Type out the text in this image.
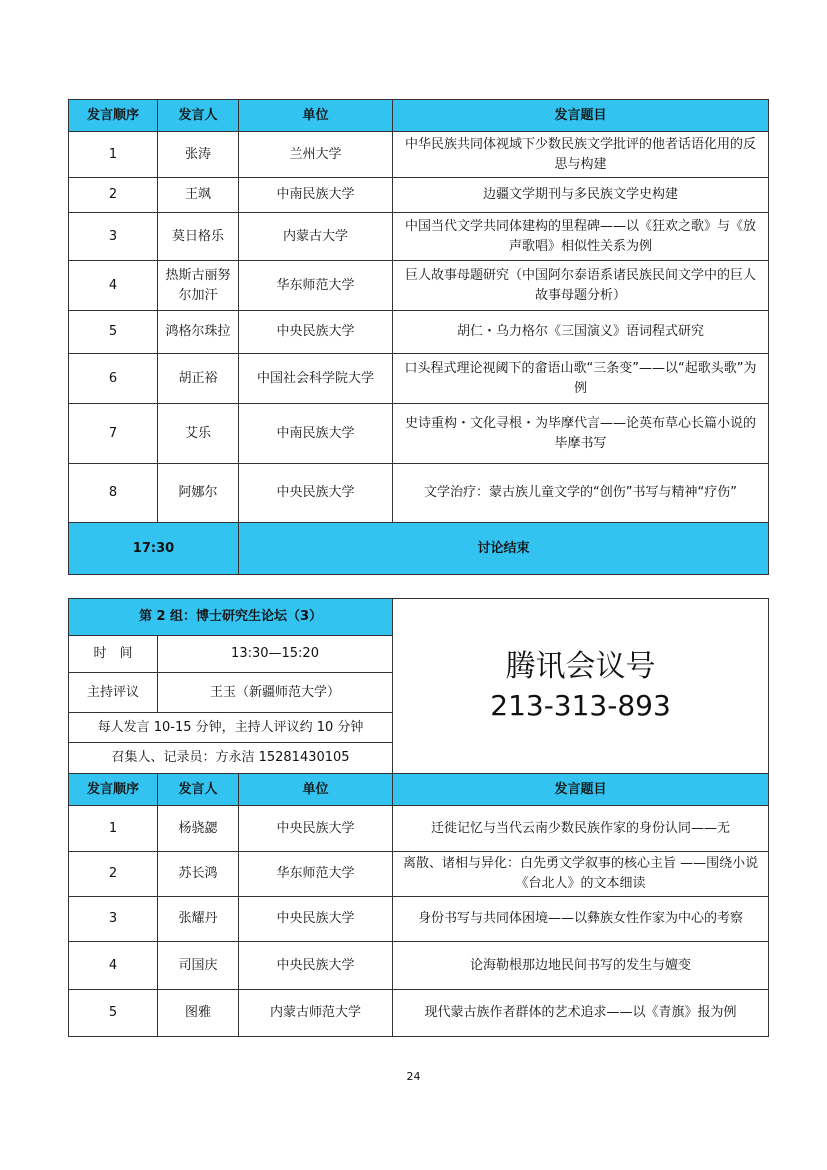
发言顺序	发言人	单位	发言题目
1	张涛	兰州大学	中华民族共同体视域下少数民族文学批评的他者话语化用的反思与构建
2	王飒	中南民族大学	边疆文学期刊与多民族文学史构建
3	莫日格乐	内蒙古大学	中国当代文学共同体建构的里程碑——以《狂欢之歌》与《放声歌唱》相似性关系为例
4	热斯古丽努尔加汗	华东师范大学	巨人故事母题研究（中国阿尔泰语系诸民族民间文学中的巨人故事母题分析）
5	鸿格尔珠拉	中央民族大学	胡仁・乌力格尔《三国演义》语词程式研究
6	胡正裕	中国社会科学院大学	口头程式理论视阈下的畲语山歌“三条变”——以“起歌头歌”为例
7	艾乐	中南民族大学	史诗重构・文化寻根・为毕摩代言——论英布草心长篇小说的毕摩书写
8	阿娜尔	中央民族大学	文学治疗：蒙古族儿童文学的“创伤”书写与精神“疗伤”
17:30		讨论结束	
第 2 组：博士研究生论坛（3）			腾讯会议号
213-313-893

时　间	13:30—15:20		
主持评议	王玉（新疆师范大学）		
每人发言 10-15 分钟，主持人评议约 10 分钟			
召集人、记录员：方永洁 15281430105			
发言顺序	发言人	单位	发言题目
1	杨骁勰	中央民族大学	迁徙记忆与当代云南少数民族作家的身份认同——无
2	苏长鸿	华东师范大学	离散、诸相与异化：白先勇文学叙事的核心主旨 ——围绕小说《台北人》的文本细读
3	张耀丹	中央民族大学	身份书写与共同体困境——以彝族女性作家为中心的考察
4	司国庆	中央民族大学	论海勒根那边地民间书写的发生与嬗变
5	图雅	内蒙古师范大学	现代蒙古族作者群体的艺术追求——以《青旗》报为例
24
